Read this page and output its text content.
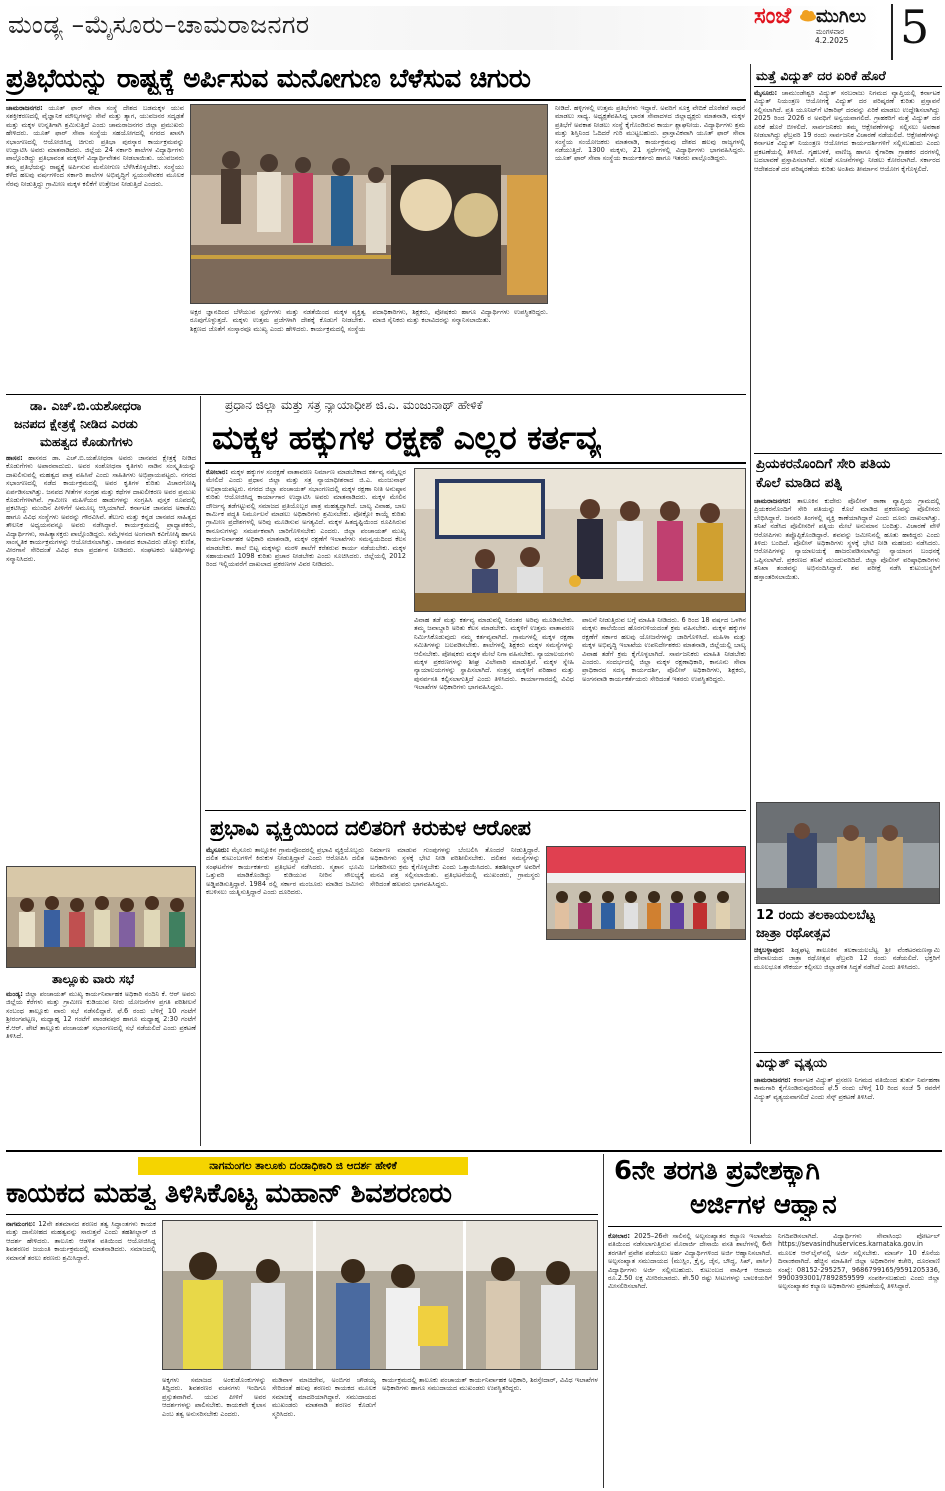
ಮಂಡ್ಯ –ಮೈಸೂರು–ಚಾಮರಾಜನಗರ	ಸಂಜೆ ಮುಗಿಲು
ಮಂಗಳವಾರ
4.2.2025 5
ಪ್ರತಿಭೆಯನ್ನು ರಾಷ್ಟ್ರಕ್ಕೆ ಅರ್ಪಿಸುವ ಮನೋಗುಣ ಬೆಳೆಸುವ ಚಿಗುರು
ಚಾಮರಾಜನಗರ: ಯೂತ್ ಫಾರ್ ಸೇವಾ ಸಂಸ್ಥೆ ದೇಶದ ಬಡಮಕ್ಕಳ ಯುವ ಸಶಕ್ತೀಕರಣದಲ್ಲಿ ವೈಜ್ಞಾನಿಕ ಮೌಲ್ಯಗಳನ್ನು ಸೇವೆ ಮತ್ತು ತ್ಯಾಗ, ಯುವಜನರ ಸದೃಢತೆ ಮತ್ತು ಮಕ್ಕಳ ಉನ್ನತಿಗಾಗಿ ಶ್ರಮಿಸುತ್ತಿದೆ ಎಂದು ಚಾಮರಾಜನಗರ ಜಿಲ್ಲಾ ಪ್ರಮುಖರು ಹೇಳಿದರು. ಯೂತ್ ಫಾರ್ ಸೇವಾ ಸಂಸ್ಥೆಯ ಸಹಯೋಗದಲ್ಲಿ ನಗರದ ಖಾಸಗಿ ಸಭಾಂಗಣದಲ್ಲಿ ಆಯೋಜಿಸಿದ್ದ ಚಿಗುರು ಪ್ರತಿಭಾ ಪುರಸ್ಕಾರ ಕಾರ್ಯಕ್ರಮವನ್ನು ಉದ್ಘಾಟಿಸಿ ಅವರು ಮಾತನಾಡಿದರು. ಜಿಲ್ಲೆಯ 24 ಸರ್ಕಾರಿ ಶಾಲೆಗಳ ವಿದ್ಯಾರ್ಥಿಗಳು ಪಾಲ್ಗೊಂಡಿದ್ದು ಪ್ರತಿಭಾವಂತ ಮಕ್ಕಳಿಗೆ ವಿದ್ಯಾರ್ಥಿವೇತನ ನೀಡಲಾಯಿತು. ಯುವಜನರು ತಮ್ಮ ಪ್ರತಿಭೆಯನ್ನು ರಾಷ್ಟ್ರಕ್ಕೆ ಅರ್ಪಿಸುವ ಮನೋಗುಣ ಬೆಳೆಸಿಕೊಳ್ಳಬೇಕು. ಸಂಸ್ಥೆಯು ಕಳೆದ ಹಲವು ವರ್ಷಗಳಿಂದ ಸರ್ಕಾರಿ ಶಾಲೆಗಳ ಅಭಿವೃದ್ಧಿಗೆ ಸ್ವಯಂಸೇವಕರ ಮೂಲಕ ನೆರವು ನೀಡುತ್ತಿದ್ದು ಗ್ರಾಮೀಣ ಮಕ್ಕಳ ಕಲಿಕೆಗೆ ಉತ್ತೇಜನ ನೀಡುತ್ತಿದೆ ಎಂದರು.
ಅಕ್ಷರ ಜ್ಞಾನದಿಂದ ಬೆಳೆಯುವ ಸ್ಪರ್ಧೆಗಳು ಮತ್ತು ನಡತೆಯಿಂದ ಮಕ್ಕಳ ವ್ಯಕ್ತಿತ್ವ ರೂಪುಗೊಳ್ಳುತ್ತದೆ. ಮಕ್ಕಳು ಉತ್ತಮ ಪ್ರಜೆಗಳಾಗಿ ದೇಶಕ್ಕೆ ಕೊಡುಗೆ ನೀಡಬೇಕು. ಶಿಕ್ಷಣದ ಜೊತೆಗೆ ಸಂಸ್ಕಾರವೂ ಮುಖ್ಯ ಎಂದು ಹೇಳಿದರು. ಕಾರ್ಯಕ್ರಮದಲ್ಲಿ ಸಂಸ್ಥೆಯ ಪದಾಧಿಕಾರಿಗಳು, ಶಿಕ್ಷಕರು, ಪೋಷಕರು ಹಾಗೂ ವಿದ್ಯಾರ್ಥಿಗಳು ಉಪಸ್ಥಿತರಿದ್ದರು. ಮಾಜಿ ಸೈನಿಕರು ಮತ್ತು ಕಲಾವಿದರನ್ನು ಸನ್ಮಾನಿಸಲಾಯಿತು.
ನೀಡಿದೆ. ಹಳ್ಳಿಗಳಲ್ಲಿ ಉತ್ತಮ ಪ್ರತಿಭೆಗಳು ಇದ್ದಾರೆ. ಅವರಿಗೆ ಸೂಕ್ತ ವೇದಿಕೆ ದೊರೆತರೆ ಸಾಧನೆ ಮಾಡಲು ಸಾಧ್ಯ. ಅಧ್ಯಕ್ಷತೆವಹಿಸಿದ್ದ ಭಾರತ ಸೇವಾದಳದ ಜಿಲ್ಲಾಧ್ಯಕ್ಷರು ಮಾತನಾಡಿ, ಮಕ್ಕಳ ಪ್ರತಿಭೆಗೆ ಅವಕಾಶ ನೀಡಲು ಸಂಸ್ಥೆ ಕೈಗೊಂಡಿರುವ ಕಾರ್ಯ ಶ್ಲಾಘನೀಯ. ವಿದ್ಯಾರ್ಥಿಗಳು ಶ್ರಮ ಮತ್ತು ಶಿಸ್ತಿನಿಂದ ಓದಿದರೆ ಗುರಿ ಮುಟ್ಟಬಹುದು. ಪ್ರಾಸ್ತಾವಿಕವಾಗಿ ಯೂತ್ ಫಾರ್ ಸೇವಾ ಸಂಸ್ಥೆಯ ಸಂಯೋಜಕರು ಮಾತನಾಡಿ, ಕಾರ್ಯಕ್ರಮವು ದೇಶದ ಹಲವು ರಾಜ್ಯಗಳಲ್ಲಿ ನಡೆಯುತ್ತಿದೆ. 1300 ಮಕ್ಕಳು, 21 ಸ್ಪರ್ಧೆಗಳಲ್ಲಿ ವಿದ್ಯಾರ್ಥಿಗಳು ಭಾಗವಹಿಸಿದ್ದರು. ಯೂತ್ ಫಾರ್ ಸೇವಾ ಸಂಸ್ಥೆಯ ಕಾರ್ಯಕರ್ತರು ಹಾಗೂ ಇತರರು ಪಾಲ್ಗೊಂಡಿದ್ದರು.
ಮತ್ತೆ ವಿದ್ಯುತ್ ದರ ಏರಿಕೆ ಹೊರೆ
ಮೈಸೂರು: ಚಾಮುಂಡೇಶ್ವರಿ ವಿದ್ಯುತ್ ಸರಬರಾಜು ನಿಗಮದ ವ್ಯಾಪ್ತಿಯಲ್ಲಿ ಕರ್ನಾಟಕ ವಿದ್ಯುತ್ ನಿಯಂತ್ರಣ ಆಯೋಗಕ್ಕೆ ವಿದ್ಯುತ್ ದರ ಪರಿಷ್ಕರಣೆ ಕುರಿತು ಪ್ರಸ್ತಾವನೆ ಸಲ್ಲಿಸಲಾಗಿದೆ. ಪ್ರತಿ ಯೂನಿಟ್‌ಗೆ ಟಿಕಾರಿಫ್ ದರವನ್ನು ಏರಿಕೆ ಮಾಡಲು ಉದ್ದೇಶಿಸಲಾಗಿದ್ದು 2025 ರಿಂದ 2026 ರ ಅವಧಿಗೆ ಅನ್ವಯವಾಗಲಿದೆ. ಗ್ರಾಹಕರಿಗೆ ಮತ್ತೆ ವಿದ್ಯುತ್ ದರ ಏರಿಕೆ ಹೊರೆ ಬೀಳಲಿದೆ. ಸಾರ್ವಜನಿಕರು ತಮ್ಮ ಆಕ್ಷೇಪಣೆಗಳನ್ನು ಸಲ್ಲಿಸಲು ಅವಕಾಶ ನೀಡಲಾಗಿದ್ದು ಫೆಬ್ರವರಿ 19 ರಂದು ಸಾರ್ವಜನಿಕ ವಿಚಾರಣೆ ನಡೆಯಲಿದೆ. ಆಕ್ಷೇಪಣೆಗಳನ್ನು ಕರ್ನಾಟಕ ವಿದ್ಯುತ್ ನಿಯಂತ್ರಣ ಆಯೋಗದ ಕಾರ್ಯದರ್ಶಿಗಳಿಗೆ ಸಲ್ಲಿಸಬಹುದು ಎಂದು ಪ್ರಕಟಣೆಯಲ್ಲಿ ತಿಳಿಸಿದೆ. ಗೃಹಬಳಕೆ, ವಾಣಿಜ್ಯ ಹಾಗೂ ಕೈಗಾರಿಕಾ ಗ್ರಾಹಕರ ದರಗಳಲ್ಲಿ ಬದಲಾವಣೆ ಪ್ರಸ್ತಾಪಿಸಲಾಗಿದೆ. ಸಲಹೆ ಸೂಚನೆಗಳನ್ನು ನೀಡಲು ಕೋರಲಾಗಿದೆ. ಸರ್ಕಾರದ ಆದೇಶದಂತೆ ದರ ಪರಿಷ್ಕರಣೆಯ ಕುರಿತು ಅಂತಿಮ ತೀರ್ಮಾನ ಆಯೋಗ ಕೈಗೊಳ್ಳಲಿದೆ.
ಪ್ರಿಯಕರನೊಂದಿಗೆ ಸೇರಿ ಪತಿಯ
ಕೊಲೆ ಮಾಡಿದ ಪತ್ನಿ
ಚಾಮರಾಜನಗರ: ತಾಲೂಕಿನ ಕುದೇರು ಪೊಲೀಸ್ ಠಾಣಾ ವ್ಯಾಪ್ತಿಯ ಗ್ರಾಮದಲ್ಲಿ ಪ್ರಿಯಕರನೊಂದಿಗೆ ಸೇರಿ ಪತಿಯನ್ನು ಕೊಲೆ ಮಾಡಿದ ಪ್ರಕರಣವನ್ನು ಪೊಲೀಸರು ಬೇಧಿಸಿದ್ದಾರೆ. ಜನವರಿ ತಿಂಗಳಲ್ಲಿ ವ್ಯಕ್ತಿ ಕಾಣೆಯಾಗಿದ್ದಾರೆ ಎಂದು ದೂರು ದಾಖಲಾಗಿತ್ತು. ತನಿಖೆ ನಡೆಸಿದ ಪೊಲೀಸರಿಗೆ ಪತ್ನಿಯ ಮೇಲೆ ಅನುಮಾನ ಬಂದಿತ್ತು. ವಿಚಾರಣೆ ವೇಳೆ ಆರೋಪಿಗಳು ತಪ್ಪೊಪ್ಪಿಕೊಂಡಿದ್ದಾರೆ. ಶವವನ್ನು ಜಮೀನಿನಲ್ಲಿ ಹೂತು ಹಾಕಿದ್ದರು ಎಂದು ತಿಳಿದು ಬಂದಿದೆ. ಪೊಲೀಸ್ ಅಧಿಕಾರಿಗಳು ಸ್ಥಳಕ್ಕೆ ಭೇಟಿ ನೀಡಿ ಮಹಜರು ನಡೆಸಿದರು. ಆರೋಪಿಗಳನ್ನು ನ್ಯಾಯಾಲಯಕ್ಕೆ ಹಾಜರುಪಡಿಸಲಾಗಿದ್ದು ನ್ಯಾಯಾಂಗ ಬಂಧನಕ್ಕೆ ಒಪ್ಪಿಸಲಾಗಿದೆ. ಪ್ರಕರಣದ ತನಿಖೆ ಮುಂದುವರಿದಿದೆ. ಜಿಲ್ಲಾ ಪೊಲೀಸ್ ವರಿಷ್ಠಾಧಿಕಾರಿಗಳು ತನಿಖಾ ತಂಡವನ್ನು ಅಭಿನಂದಿಸಿದ್ದಾರೆ. ಶವ ಪರೀಕ್ಷೆ ನಡೆಸಿ ಕುಟುಂಬಸ್ಥರಿಗೆ ಹಸ್ತಾಂತರಿಸಲಾಯಿತು.
12 ರಂದು ತಲಕಾಯಲಬೆಟ್ಟ
ಜಾತ್ರಾ ರಥೋತ್ಸವ
ಚಿಕ್ಕಬಳ್ಳಾಪುರ: ಶಿಡ್ಲಘಟ್ಟ ತಾಲೂಕಿನ ತಲಕಾಯಲಬೆಟ್ಟ ಶ್ರೀ ವೆಂಕಟರಮಣಸ್ವಾಮಿ ದೇವಾಲಯದ ಜಾತ್ರಾ ರಥೋತ್ಸವ ಫೆಬ್ರವರಿ 12 ರಂದು ನಡೆಯಲಿದೆ. ಭಕ್ತರಿಗೆ ಮೂಲಭೂತ ಸೌಕರ್ಯ ಕಲ್ಪಿಸಲು ಜಿಲ್ಲಾಡಳಿತ ಸಿದ್ಧತೆ ನಡೆಸಿದೆ ಎಂದು ತಿಳಿಸಿದರು.
ವಿದ್ಯುತ್ ವ್ಯತ್ಯಯ
ಚಾಮರಾಜನಗರ: ಕರ್ನಾಟಕ ವಿದ್ಯುತ್ ಪ್ರಸರಣ ನಿಗಮದ ವತಿಯಿಂದ ತುರ್ತು ನಿರ್ವಹಣಾ ಕಾಮಗಾರಿ ಕೈಗೊಂಡಿರುವುದರಿಂದ ಫೆ.5 ರಂದು ಬೆಳಿಗ್ಗೆ 10 ರಿಂದ ಸಂಜೆ 5 ರವರೆಗೆ ವಿದ್ಯುತ್ ವ್ಯತ್ಯಯವಾಗಲಿದೆ ಎಂದು ಸೆಸ್ಕ್ ಪ್ರಕಟಣೆ ತಿಳಿಸಿದೆ.
ಡಾ. ಎಚ್.ಬಿ.ಯಶೋಧರಾ
ಜನಪದ ಕ್ಷೇತ್ರಕ್ಕೆ ನೀಡಿದ ಎರಡು
ಮಹತ್ವದ ಕೊಡುಗೆಗಳು
ಹಾಸನ: ಹಾಸನದ ಡಾ. ಎಚ್.ಬಿ.ಯಶೋಧರಾ ಅವರು ಜಾನಪದ ಕ್ಷೇತ್ರಕ್ಕೆ ನೀಡಿದ ಕೊಡುಗೆಗಳು ಅಪಾರವಾದುದು. ಅವರ ಸಂಶೋಧನಾ ಕೃತಿಗಳು ನಾಡಿನ ಸಂಸ್ಕೃತಿಯನ್ನು ದಾಖಲಿಸುವಲ್ಲಿ ಮಹತ್ವದ ಪಾತ್ರ ವಹಿಸಿವೆ ಎಂದು ಸಾಹಿತಿಗಳು ಅಭಿಪ್ರಾಯಪಟ್ಟರು. ನಗರದ ಸಭಾಂಗಣದಲ್ಲಿ ನಡೆದ ಕಾರ್ಯಕ್ರಮದಲ್ಲಿ ಅವರ ಕೃತಿಗಳ ಕುರಿತು ವಿಚಾರಗೋಷ್ಠಿ ಏರ್ಪಡಿಸಲಾಗಿತ್ತು. ಜನಪದ ಗೀತೆಗಳ ಸಂಗ್ರಹ ಮತ್ತು ಕಥೆಗಳ ದಾಖಲೀಕರಣ ಅವರ ಪ್ರಮುಖ ಕೊಡುಗೆಗಳಾಗಿವೆ. ಗ್ರಾಮೀಣ ಮಹಿಳೆಯರ ಹಾಡುಗಳನ್ನು ಸಂಗ್ರಹಿಸಿ ಪುಸ್ತಕ ರೂಪದಲ್ಲಿ ಪ್ರಕಟಿಸಿದ್ದು ಮುಂದಿನ ಪೀಳಿಗೆಗೆ ಅಮೂಲ್ಯ ಆಸ್ತಿಯಾಗಿದೆ. ಕರ್ನಾಟಕ ಜಾನಪದ ಅಕಾಡೆಮಿ ಹಾಗೂ ವಿವಿಧ ಸಂಸ್ಥೆಗಳು ಅವರನ್ನು ಗೌರವಿಸಿವೆ. ತೆಲುಗು ಮತ್ತು ಕನ್ನಡ ಜಾನಪದ ಸಾಹಿತ್ಯದ ತೌಲನಿಕ ಅಧ್ಯಯನವನ್ನೂ ಅವರು ನಡೆಸಿದ್ದಾರೆ. ಕಾರ್ಯಕ್ರಮದಲ್ಲಿ ಪ್ರಾಧ್ಯಾಪಕರು, ವಿದ್ಯಾರ್ಥಿಗಳು, ಸಾಹಿತ್ಯಾಸಕ್ತರು ಪಾಲ್ಗೊಂಡಿದ್ದರು. ಸಮ್ಮೇಳನದ ಅಂಗವಾಗಿ ಕವಿಗೋಷ್ಠಿ ಹಾಗೂ ಸಾಂಸ್ಕೃತಿಕ ಕಾರ್ಯಕ್ರಮಗಳನ್ನು ಆಯೋಜಿಸಲಾಗಿತ್ತು. ಜಾನಪದ ಕಲಾವಿದರು ಡೊಳ್ಳು ಕುಣಿತ, ವೀರಗಾಸೆ ಸೇರಿದಂತೆ ವಿವಿಧ ಕಲಾ ಪ್ರದರ್ಶನ ನೀಡಿದರು. ಸಂಘಟಕರು ಅತಿಥಿಗಳನ್ನು ಸನ್ಮಾನಿಸಿದರು.
ತಾಲ್ಲೂಕು ವಾರು ಸಭೆ
ಮಂಡ್ಯ: ಜಿಲ್ಲಾ ಪಂಚಾಯತ್ ಮುಖ್ಯ ಕಾರ್ಯನಿರ್ವಾಹಕ ಅಧಿಕಾರಿ ನಂದಿನಿ ಕೆ. ಆರ್ ಅವರು ಜಿಲ್ಲೆಯ ಕೆರೆಗಳು ಮತ್ತು ಗ್ರಾಮೀಣ ಕುಡಿಯುವ ನೀರು ಯೋಜನೆಗಳ ಪ್ರಗತಿ ಪರಿಶೀಲನೆ ಸಂಬಂಧ ತಾಲ್ಲೂಕು ವಾರು ಸಭೆ ನಡೆಸಲಿದ್ದಾರೆ. ಫೆ.6 ರಂದು ಬೆಳಿಗ್ಗೆ 10 ಗಂಟೆಗೆ ಶ್ರೀರಂಗಪಟ್ಟಣ, ಮಧ್ಯಾಹ್ನ 12 ಗಂಟೆಗೆ ಪಾಂಡವಪುರ ಹಾಗೂ ಮಧ್ಯಾಹ್ನ 2:30 ಗಂಟೆಗೆ ಕೆ.ಆರ್. ಪೇಟೆ ತಾಲ್ಲೂಕು ಪಂಚಾಯತ್ ಸಭಾಂಗಣದಲ್ಲಿ ಸಭೆ ನಡೆಯಲಿದೆ ಎಂದು ಪ್ರಕಟಣೆ ತಿಳಿಸಿದೆ.
ಪ್ರಧಾನ ಜಿಲ್ಲಾ ಮತ್ತು ಸತ್ರ ನ್ಯಾಯಾಧೀಶ ಜಿ.ಎ. ಮಂಜುನಾಥ್ ಹೇಳಿಕೆ
ಮಕ್ಕಳ ಹಕ್ಕುಗಳ ರಕ್ಷಣೆ ಎಲ್ಲರ ಕರ್ತವ್ಯ
ಕೋಲಾರ: ಮಕ್ಕಳ ಹಕ್ಕುಗಳ ಸಂರಕ್ಷಣೆ ವಾತಾವರಣ ನಿರ್ಮಾಣ ಮಾಡಬೇಕಾದ ಕರ್ತವ್ಯ ನಮ್ಮೆಲ್ಲರ ಮೇಲಿದೆ ಎಂದು ಪ್ರಧಾನ ಜಿಲ್ಲಾ ಮತ್ತು ಸತ್ರ ನ್ಯಾಯಾಧೀಶರಾದ ಜಿ.ಎ. ಮಂಜುನಾಥ್ ಅಭಿಪ್ರಾಯಪಟ್ಟರು. ನಗರದ ಜಿಲ್ಲಾ ಪಂಚಾಯತ್ ಸಭಾಂಗಣದಲ್ಲಿ ಮಕ್ಕಳ ರಕ್ಷಣಾ ನೀತಿ ಅನುಷ್ಠಾನ ಕುರಿತು ಆಯೋಜಿಸಿದ್ದ ಕಾರ್ಯಾಗಾರ ಉದ್ಘಾಟಿಸಿ ಅವರು ಮಾತನಾಡಿದರು. ಮಕ್ಕಳ ಮೇಲಿನ ದೌರ್ಜನ್ಯ ತಡೆಗಟ್ಟುವಲ್ಲಿ ಸಮಾಜದ ಪ್ರತಿಯೊಬ್ಬರ ಪಾತ್ರ ಮಹತ್ವದ್ದಾಗಿದೆ. ಬಾಲ್ಯ ವಿವಾಹ, ಬಾಲ ಕಾರ್ಮಿಕ ಪದ್ಧತಿ ನಿರ್ಮೂಲನೆ ಮಾಡಲು ಅಧಿಕಾರಿಗಳು ಶ್ರಮಿಸಬೇಕು. ಪೋಕ್ಸೋ ಕಾಯ್ದೆ ಕುರಿತು ಗ್ರಾಮೀಣ ಪ್ರದೇಶಗಳಲ್ಲಿ ಅರಿವು ಮೂಡಿಸುವ ಅಗತ್ಯವಿದೆ. ಮಕ್ಕಳ ಹಿತದೃಷ್ಟಿಯಿಂದ ರೂಪಿಸಿರುವ ಕಾನೂನುಗಳನ್ನು ಸಮರ್ಪಕವಾಗಿ ಜಾರಿಗೊಳಿಸಬೇಕು ಎಂದರು. ಜಿಲ್ಲಾ ಪಂಚಾಯತ್ ಮುಖ್ಯ ಕಾರ್ಯನಿರ್ವಾಹಕ ಅಧಿಕಾರಿ ಮಾತನಾಡಿ, ಮಕ್ಕಳ ರಕ್ಷಣೆಗೆ ಇಲಾಖೆಗಳು ಸಮನ್ವಯದಿಂದ ಕೆಲಸ ಮಾಡಬೇಕು. ಶಾಲೆ ಬಿಟ್ಟ ಮಕ್ಕಳನ್ನು ಮರಳಿ ಶಾಲೆಗೆ ಕರೆತರುವ ಕಾರ್ಯ ನಡೆಯಬೇಕು. ಮಕ್ಕಳ ಸಹಾಯವಾಣಿ 1098 ಕುರಿತು ಪ್ರಚಾರ ನೀಡಬೇಕು ಎಂದು ಸೂಚಿಸಿದರು. ಜಿಲ್ಲೆಯಲ್ಲಿ 2012 ರಿಂದ ಇಲ್ಲಿಯವರೆಗೆ ದಾಖಲಾದ ಪ್ರಕರಣಗಳ ವಿವರ ನೀಡಿದರು.
ವಿವಾಹ ತಡೆ ಮತ್ತು ಕರ್ತವ್ಯ ಮಾಡುವಲ್ಲಿ ನಿರಂತರ ಅರಿವು ಮೂಡಿಸಬೇಕು. ತಮ್ಮ ಜವಾಬ್ದಾರಿ ಅರಿತು ಕೆಲಸ ಮಾಡಬೇಕು. ಮಕ್ಕಳಿಗೆ ಉತ್ತಮ ವಾತಾವರಣ ನಿರ್ಮಿಸಿಕೊಡುವುದು ನಮ್ಮ ಕರ್ತವ್ಯವಾಗಿದೆ. ಗ್ರಾಮಗಳಲ್ಲಿ ಮಕ್ಕಳ ರಕ್ಷಣಾ ಸಮಿತಿಗಳನ್ನು ಬಲಪಡಿಸಬೇಕು. ಶಾಲೆಗಳಲ್ಲಿ ಶಿಕ್ಷಕರು ಮಕ್ಕಳ ಸಮಸ್ಯೆಗಳನ್ನು ಆಲಿಸಬೇಕು. ಪೋಷಕರು ಮಕ್ಕಳ ಮೇಲೆ ನಿಗಾ ವಹಿಸಬೇಕು. ನ್ಯಾಯಾಲಯಗಳು ಮಕ್ಕಳ ಪ್ರಕರಣಗಳನ್ನು ಶೀಘ್ರ ವಿಲೇವಾರಿ ಮಾಡುತ್ತಿವೆ. ಮಕ್ಕಳ ಸ್ನೇಹಿ ನ್ಯಾಯಾಲಯಗಳನ್ನು ಸ್ಥಾಪಿಸಲಾಗಿದೆ. ಸಂತ್ರಸ್ತ ಮಕ್ಕಳಿಗೆ ಪರಿಹಾರ ಮತ್ತು ಪುನರ್ವಸತಿ ಕಲ್ಪಿಸಲಾಗುತ್ತಿದೆ ಎಂದು ತಿಳಿಸಿದರು. ಕಾರ್ಯಾಗಾರದಲ್ಲಿ ವಿವಿಧ ಇಲಾಖೆಗಳ ಅಧಿಕಾರಿಗಳು ಭಾಗವಹಿಸಿದ್ದರು.
ಪಾಲನೆ ನೀಡುತ್ತಿರುವ ಬಗ್ಗೆ ಮಾಹಿತಿ ನೀಡಿದರು. 6 ರಿಂದ 18 ವರ್ಷದ ಒಳಗಿನ ಮಕ್ಕಳು ಶಾಲೆಯಿಂದ ಹೊರಗುಳಿಯದಂತೆ ಕ್ರಮ ವಹಿಸಬೇಕು. ಮಕ್ಕಳ ಹಕ್ಕುಗಳ ರಕ್ಷಣೆಗೆ ಸರ್ಕಾರ ಹಲವು ಯೋಜನೆಗಳನ್ನು ಜಾರಿಗೊಳಿಸಿದೆ. ಮಹಿಳಾ ಮತ್ತು ಮಕ್ಕಳ ಅಭಿವೃದ್ಧಿ ಇಲಾಖೆಯ ಉಪನಿರ್ದೇಶಕರು ಮಾತನಾಡಿ, ಜಿಲ್ಲೆಯಲ್ಲಿ ಬಾಲ್ಯ ವಿವಾಹ ತಡೆಗೆ ಕ್ರಮ ಕೈಗೊಳ್ಳಲಾಗಿದೆ. ಸಾರ್ವಜನಿಕರು ಮಾಹಿತಿ ನೀಡಬೇಕು ಎಂದರು. ಸಂದರ್ಭದಲ್ಲಿ ಜಿಲ್ಲಾ ಮಕ್ಕಳ ರಕ್ಷಣಾಧಿಕಾರಿ, ಕಾನೂನು ಸೇವಾ ಪ್ರಾಧಿಕಾರದ ಸದಸ್ಯ ಕಾರ್ಯದರ್ಶಿ, ಪೊಲೀಸ್ ಅಧಿಕಾರಿಗಳು, ಶಿಕ್ಷಕರು, ಅಂಗನವಾಡಿ ಕಾರ್ಯಕರ್ತೆಯರು ಸೇರಿದಂತೆ ಇತರರು ಉಪಸ್ಥಿತರಿದ್ದರು.
ಪ್ರಭಾವಿ ವ್ಯಕ್ತಿಯಿಂದ ದಲಿತರಿಗೆ ಕಿರುಕುಳ ಆರೋಪ
ಮೈಸೂರು: ಮೈಸೂರು ತಾಲ್ಲೂಕಿನ ಗ್ರಾಮವೊಂದರಲ್ಲಿ ಪ್ರಭಾವಿ ವ್ಯಕ್ತಿಯೊಬ್ಬರು ದಲಿತ ಕುಟುಂಬಗಳಿಗೆ ಕಿರುಕುಳ ನೀಡುತ್ತಿದ್ದಾರೆ ಎಂದು ಆರೋಪಿಸಿ ದಲಿತ ಸಂಘಟನೆಗಳ ಕಾರ್ಯಕರ್ತರು ಪ್ರತಿಭಟನೆ ನಡೆಸಿದರು. ಸ್ಮಶಾನ ಭೂಮಿ ಒತ್ತುವರಿ ಮಾಡಿಕೊಂಡಿದ್ದು ಕುಡಿಯುವ ನೀರಿನ ಸೌಲಭ್ಯಕ್ಕೆ ಅಡ್ಡಿಪಡಿಸುತ್ತಿದ್ದಾರೆ. 1984 ರಲ್ಲಿ ಸರ್ಕಾರ ಮಂಜೂರು ಮಾಡಿದ ಜಮೀನು ಕಬಳಿಸಲು ಯತ್ನಿಸುತ್ತಿದ್ದಾರೆ ಎಂದು ದೂರಿದರು.
ನಿರ್ಮಾಣ ಮಾಡುವ ಗುಂಪುಗಳನ್ನು ಬೆಂಬಲಿಸಿ ತೊಂದರೆ ನೀಡುತ್ತಿದ್ದಾರೆ. ಅಧಿಕಾರಿಗಳು ಸ್ಥಳಕ್ಕೆ ಭೇಟಿ ನೀಡಿ ಪರಿಶೀಲಿಸಬೇಕು. ದಲಿತರ ಸಮಸ್ಯೆಗಳನ್ನು ಬಗೆಹರಿಸಲು ಕ್ರಮ ಕೈಗೊಳ್ಳಬೇಕು ಎಂದು ಒತ್ತಾಯಿಸಿದರು. ತಹಶೀಲ್ದಾರ್ ಅವರಿಗೆ ಮನವಿ ಪತ್ರ ಸಲ್ಲಿಸಲಾಯಿತು. ಪ್ರತಿಭಟನೆಯಲ್ಲಿ ಮುಖಂಡರು, ಗ್ರಾಮಸ್ಥರು ಸೇರಿದಂತೆ ಹಲವರು ಭಾಗವಹಿಸಿದ್ದರು.
ನಾಗಮಂಗಲ ತಾಲೂಕು ದಂಡಾಧಿಕಾರಿ ಜಿ ಆದರ್ಶ ಹೇಳಿಕೆ
ಕಾಯಕದ ಮಹತ್ವ ತಿಳಿಸಿಕೊಟ್ಟ ಮಹಾನ್ ಶಿವಶರಣರು
ನಾಗಮಂಗಲ: 12ನೇ ಶತಮಾನದ ಶರಣರ ತತ್ವ ಸಿದ್ಧಾಂತಗಳು ಕಾಯಕ ಮತ್ತು ದಾಸೋಹದ ಮಹತ್ವವನ್ನು ಸಾರುತ್ತವೆ ಎಂದು ತಹಶೀಲ್ದಾರ್ ಜಿ ಆದರ್ಶ ಹೇಳಿದರು. ತಾಲೂಕು ಆಡಳಿತ ವತಿಯಿಂದ ಆಯೋಜಿಸಿದ್ದ ಶಿವಶರಣರ ಜಯಂತಿ ಕಾರ್ಯಕ್ರಮದಲ್ಲಿ ಮಾತನಾಡಿದರು. ಸಮಾಜದಲ್ಲಿ ಸಮಾನತೆ ತರಲು ಶರಣರು ಶ್ರಮಿಸಿದ್ದಾರೆ.
ಅಕ್ಕಗಳು ಸಮಾಜದ ಅಂಕುಡೊಂಕುಗಳನ್ನು ತಿದ್ದಿದರು. ಶಿವಶರಣರ ವಚನಗಳು ಇಂದಿಗೂ ಪ್ರಸ್ತುತವಾಗಿವೆ. ಯುವ ಪೀಳಿಗೆ ಅವರ ಆದರ್ಶಗಳನ್ನು ಪಾಲಿಸಬೇಕು. ಕಾಯಕವೇ ಕೈಲಾಸ ಎಂಬ ತತ್ವ ಅನುಸರಿಸಬೇಕು ಎಂದರು.
ಮಡಿವಾಳ ಮಾಚಿದೇವ, ಅಂಬಿಗರ ಚೌಡಯ್ಯ ಸೇರಿದಂತೆ ಹಲವು ಶರಣರು ಕಾಯಕದ ಮೂಲಕ ಸಮಾಜಕ್ಕೆ ಮಾದರಿಯಾಗಿದ್ದಾರೆ. ಸಮುದಾಯದ ಮುಖಂಡರು ಮಾತನಾಡಿ ಶರಣರ ಕೊಡುಗೆ ಸ್ಮರಿಸಿದರು.
ಕಾರ್ಯಕ್ರಮದಲ್ಲಿ ತಾಲೂಕು ಪಂಚಾಯತ್ ಕಾರ್ಯನಿರ್ವಾಹಕ ಅಧಿಕಾರಿ, ಶಿರಸ್ತೇದಾರ್, ವಿವಿಧ ಇಲಾಖೆಗಳ ಅಧಿಕಾರಿಗಳು ಹಾಗೂ ಸಮುದಾಯದ ಮುಖಂಡರು ಉಪಸ್ಥಿತರಿದ್ದರು.
6ನೇ ತರಗತಿ ಪ್ರವೇಶಕ್ಕಾಗಿ
ಅರ್ಜಿಗಳ ಆಹ್ವಾನ
ಕೋಲಾರ: 2025–26ನೇ ಸಾಲಿನಲ್ಲಿ ಅಲ್ಪಸಂಖ್ಯಾತರ ಕಲ್ಯಾಣ ಇಲಾಖೆಯ ವತಿಯಿಂದ ನಡೆಸಲಾಗುತ್ತಿರುವ ಮೊರಾರ್ಜಿ ದೇಸಾಯಿ ವಸತಿ ಶಾಲೆಗಳಲ್ಲಿ 6ನೇ ತರಗತಿಗೆ ಪ್ರವೇಶ ಪಡೆಯಲು ಅರ್ಹ ವಿದ್ಯಾರ್ಥಿಗಳಿಂದ ಅರ್ಜಿ ಆಹ್ವಾನಿಸಲಾಗಿದೆ. ಅಲ್ಪಸಂಖ್ಯಾತ ಸಮುದಾಯದ (ಮುಸ್ಲಿಂ, ಕ್ರೈಸ್ತ, ಜೈನ, ಬೌದ್ಧ, ಸಿಖ್, ಪಾರ್ಸಿ) ವಿದ್ಯಾರ್ಥಿಗಳು ಅರ್ಜಿ ಸಲ್ಲಿಸಬಹುದು. ಕುಟುಂಬದ ವಾರ್ಷಿಕ ಆದಾಯ ರೂ.2.50 ಲಕ್ಷ ಮೀರಿರಬಾರದು. ಶೇ.50 ರಷ್ಟು ಸೀಟುಗಳನ್ನು ಬಾಲಕಿಯರಿಗೆ ಮೀಸಲಿರಿಸಲಾಗಿದೆ.
ನಿಗದಿಪಡಿಸಲಾಗಿದೆ. ವಿದ್ಯಾರ್ಥಿಗಳು ಸೇವಾಸಿಂಧು ಪೋರ್ಟಲ್ https://sevasindhuservices.karnataka.gov.in ಮೂಲಕ ಆನ್‌ಲೈನ್‌ನಲ್ಲಿ ಅರ್ಜಿ ಸಲ್ಲಿಸಬೇಕು. ಮಾರ್ಚ್ 10 ಕೊನೆಯ ದಿನಾಂಕವಾಗಿದೆ. ಹೆಚ್ಚಿನ ಮಾಹಿತಿಗೆ ಜಿಲ್ಲಾ ಅಧಿಕಾರಿಗಳ ಕಚೇರಿ, ದೂರವಾಣಿ ಸಂಖ್ಯೆ: 08152-295257, 9686799165/9591205336, 9900393001/7892859599 ಸಂಪರ್ಕಿಸಬಹುದು ಎಂದು ಜಿಲ್ಲಾ ಅಲ್ಪಸಂಖ್ಯಾತರ ಕಲ್ಯಾಣ ಅಧಿಕಾರಿಗಳು ಪ್ರಕಟಣೆಯಲ್ಲಿ ತಿಳಿಸಿದ್ದಾರೆ.
